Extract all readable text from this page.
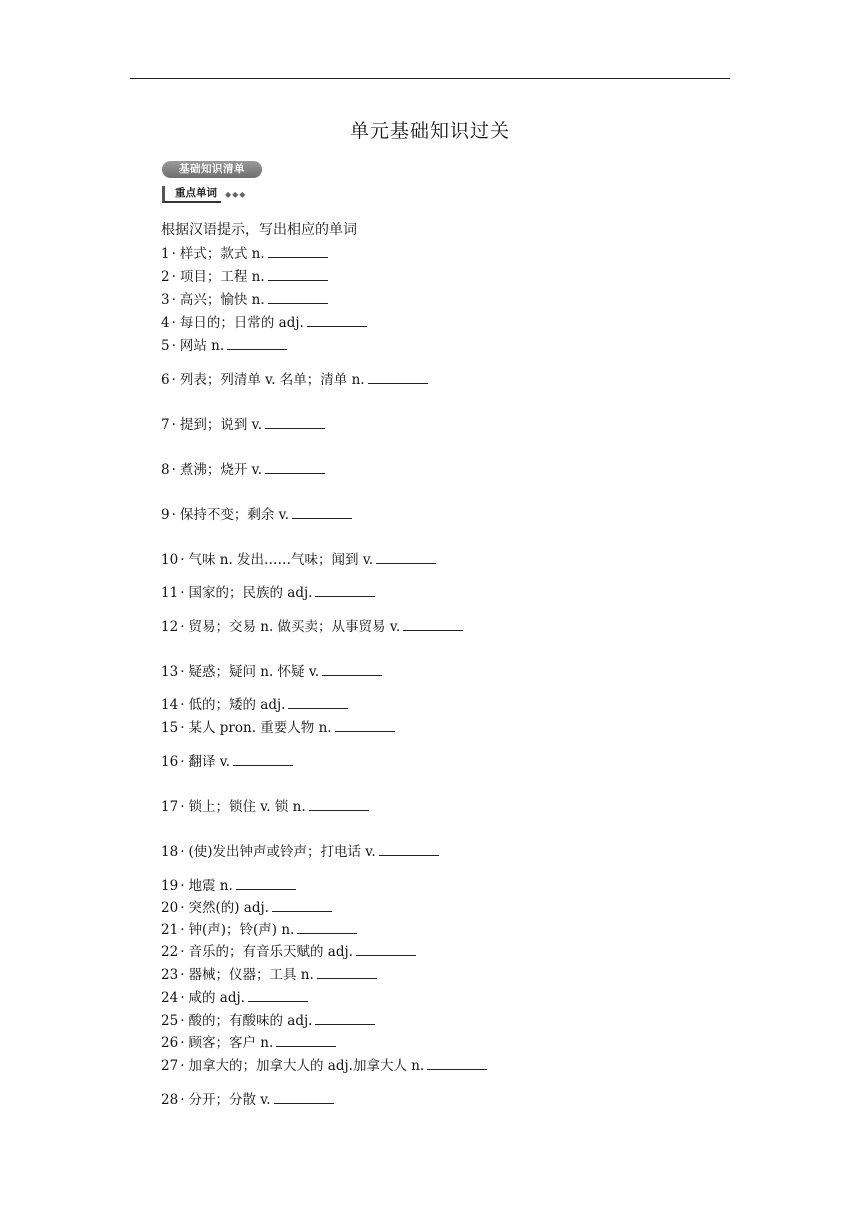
单元基础知识过关
基础知识清单
重点单词	◆◆◆
根据汉语提示，写出相应的单词
1 · 样式；款式 n.
2 · 项目；工程 n.
3 · 高兴；愉快 n.
4 · 每日的；日常的 adj.
5 · 网站 n.
6 · 列表；列清单 v. 名单；清单 n.
7 · 提到；说到 v.
8 · 煮沸；烧开 v.
9 · 保持不变；剩余 v.
10 · 气味 n. 发出……气味；闻到 v.
11 · 国家的；民族的 adj.
12 · 贸易；交易 n. 做买卖；从事贸易 v.
13 · 疑惑；疑问 n. 怀疑 v.
14 · 低的；矮的 adj.
15 · 某人 pron. 重要人物 n.
16 · 翻译 v.
17 · 锁上；锁住 v. 锁 n.
18 · (使)发出钟声或铃声；打电话 v.
19 · 地震 n.
20 · 突然(的) adj.
21 · 钟(声)；铃(声) n.
22 · 音乐的；有音乐天赋的 adj.
23 · 器械；仪器；工具 n.
24 · 咸的 adj.
25 · 酸的；有酸味的 adj.
26 · 顾客；客户 n.
27 · 加拿大的；加拿大人的 adj.加拿大人 n.
28 · 分开；分散 v.
